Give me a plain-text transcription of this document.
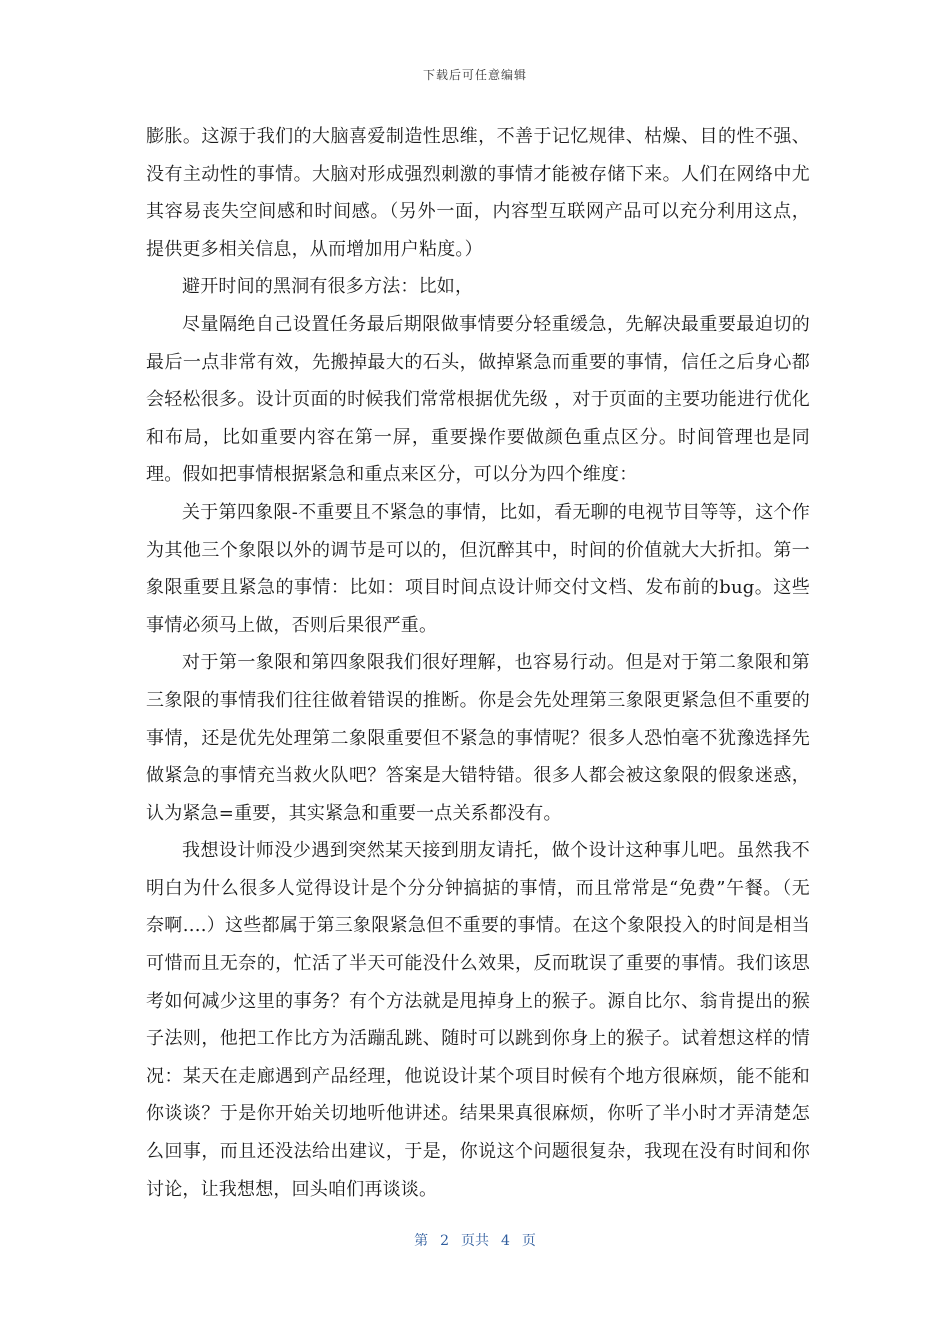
下载后可任意编辑

膨胀。这源于我们的大脑喜爱制造性思维，不善于记忆规律、枯燥、目的性不强、没有主动性的事情。大脑对形成强烈刺激的事情才能被存储下来。人们在网络中尤其容易丧失空间感和时间感。（另外一面，内容型互联网产品可以充分利用这点，提供更多相关信息，从而增加用户粘度。）

避开时间的黑洞有很多方法：比如，

尽量隔绝自己设置任务最后期限做事情要分轻重缓急，先解决最重要最迫切的最后一点非常有效，先搬掉最大的石头，做掉紧急而重要的事情，信任之后身心都会轻松很多。设计页面的时候我们常常根据优先级 ，对于页面的主要功能进行优化和布局，比如重要内容在第一屏，重要操作要做颜色重点区分。时间管理也是同理。假如把事情根据紧急和重点来区分，可以分为四个维度：

关于第四象限-不重要且不紧急的事情，比如，看无聊的电视节目等等，这个作为其他三个象限以外的调节是可以的，但沉醉其中，时间的价值就大大折扣。第一象限重要且紧急的事情：比如：项目时间点设计师交付文档、发布前的bug。这些事情必须马上做，否则后果很严重。

对于第一象限和第四象限我们很好理解，也容易行动。但是对于第二象限和第三象限的事情我们往往做着错误的推断。你是会先处理第三象限更紧急但不重要的事情，还是优先处理第二象限重要但不紧急的事情呢？很多人恐怕毫不犹豫选择先做紧急的事情充当救火队吧？答案是大错特错。很多人都会被这象限的假象迷惑，认为紧急=重要，其实紧急和重要一点关系都没有。

我想设计师没少遇到突然某天接到朋友请托，做个设计这种事儿吧。虽然我不明白为什么很多人觉得设计是个分分钟搞掂的事情，而且常常是“免费”午餐。（无奈啊….）这些都属于第三象限紧急但不重要的事情。在这个象限投入的时间是相当可惜而且无奈的，忙活了半天可能没什么效果，反而耽误了重要的事情。我们该思考如何减少这里的事务？有个方法就是甩掉身上的猴子。源自比尔、翁肯提出的猴子法则，他把工作比方为活蹦乱跳、随时可以跳到你身上的猴子。试着想这样的情况：某天在走廊遇到产品经理，他说设计某个项目时候有个地方很麻烦，能不能和你谈谈？于是你开始关切地听他讲述。结果果真很麻烦，你听了半小时才弄清楚怎么回事，而且还没法给出建议，于是，你说这个问题很复杂，我现在没有时间和你讨论，让我想想，回头咱们再谈谈。

第 2 页共 4 页
